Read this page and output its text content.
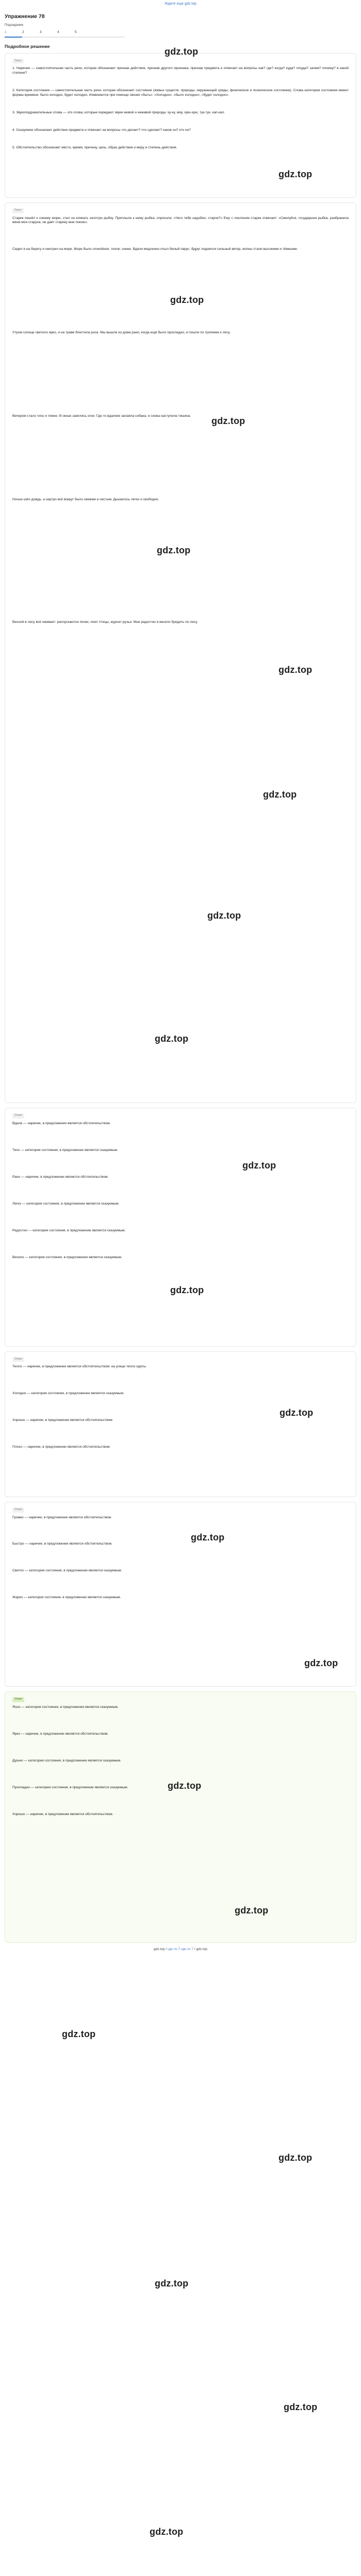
Ждите еще gdz.top
Упражнение 78
Подзадание
1	2	3	4	5
Подробное решение
Текст

1. Наречие — самостоятельная часть речи, которая обозначает признак действия, признак другого признака, признак предмета и отвечает на вопросы как? где? когда? куда? откуда? зачем? почему? в какой степени?

2. Категория состояния — самостоятельная часть речи, которая обозначает состояние (живых существ, природы, окружающей среды, физическое и психическое состояние). Слова категории состояния имеют формы времени: было холодно, будет холодно. Изменяются при помощи связки «быть»: «Холодно», «было холодно», «будет холодно».

3. Звукоподражательные слова — это слова, которые передают звуки живой и неживой природы: ку-ку, мяу, хрю-хрю, тук-тук, кап-кап.

4. Сказуемое обозначает действие предмета и отвечает на вопросы что делает? что сделает? каков он? кто он?

5. Обстоятельство обозначает место, время, причину, цель, образ действия и меру и степень действия.

Текст

Старик пошёл к синему морю, стал он кликать золотую рыбку. Приплыла к нему рыбка, спросила: «Чего тебе надобно, старче?» Ему с поклоном старик отвечает: «Смилуйся, государыня рыбка, разбранила меня моя старуха, не даёт старику мне покою».

Сидел я на берегу и смотрел на море. Море было спокойное, тихое, синее. Вдали медленно плыл белый парус. Вдруг поднялся сильный ветер, волны стали высокими и тёмными.

Утром солнце светило ярко, и на траве блестела роса. Мы вышли из дома рано, когда ещё было прохладно, и пошли по тропинке к лесу.

Вечером стало тихо и темно. В окнах зажглись огни. Где-то вдалеке залаяла собака, и снова наступила тишина.

Ночью шёл дождь, а наутро всё вокруг было свежим и чистым. Дышалось легко и свободно.

Весной в лесу всё оживает: распускаются почки, поют птицы, журчат ручьи. Мне радостно и весело бродить по лесу.

Ответ

Вдали — наречие, в предложении является обстоятельством.

Тихо — категория состояния, в предложении является сказуемым.

Рано — наречие, в предложении является обстоятельством.

Легко — категория состояния, в предложении является сказуемым.

Радостно — категория состояния, в предложении является сказуемым.

Весело — категория состояния, в предложении является сказуемым.

Ответ

Тепло — наречие, в предложении является обстоятельством: на улице тепло одеты.

Холодно — категория состояния, в предложении является сказуемым.

Хорошо — наречие, в предложении является обстоятельством.

Плохо — наречие, в предложении является обстоятельством.

Ответ

Громко — наречие, в предложении является обстоятельством.

Быстро — наречие, в предложении является обстоятельством.

Светло — категория состояния, в предложении является сказуемым.

Жарко — категория состояния, в предложении является сказуемым.

Ответ

Ясно — категория состояния, в предложении является сказуемым.

Ярко — наречие, в предложении является обстоятельством.

Душно — категория состояния, в предложении является сказуемым.

Прохладно — категория состояния, в предложении является сказуемым.

Хорошо — наречие, в предложении является обстоятельством.

gdz.top / где-то 7 где-то 7 / gdz.top
gdz.top
gdz.top
gdz.top
gdz.top
gdz.top
gdz.top
gdz.top
gdz.top
gdz.top
gdz.top
gdz.top
gdz.top
gdz.top
gdz.top
gdz.top
gdz.top
gdz.top
gdz.top
gdz.top
gdz.top
gdz.top
